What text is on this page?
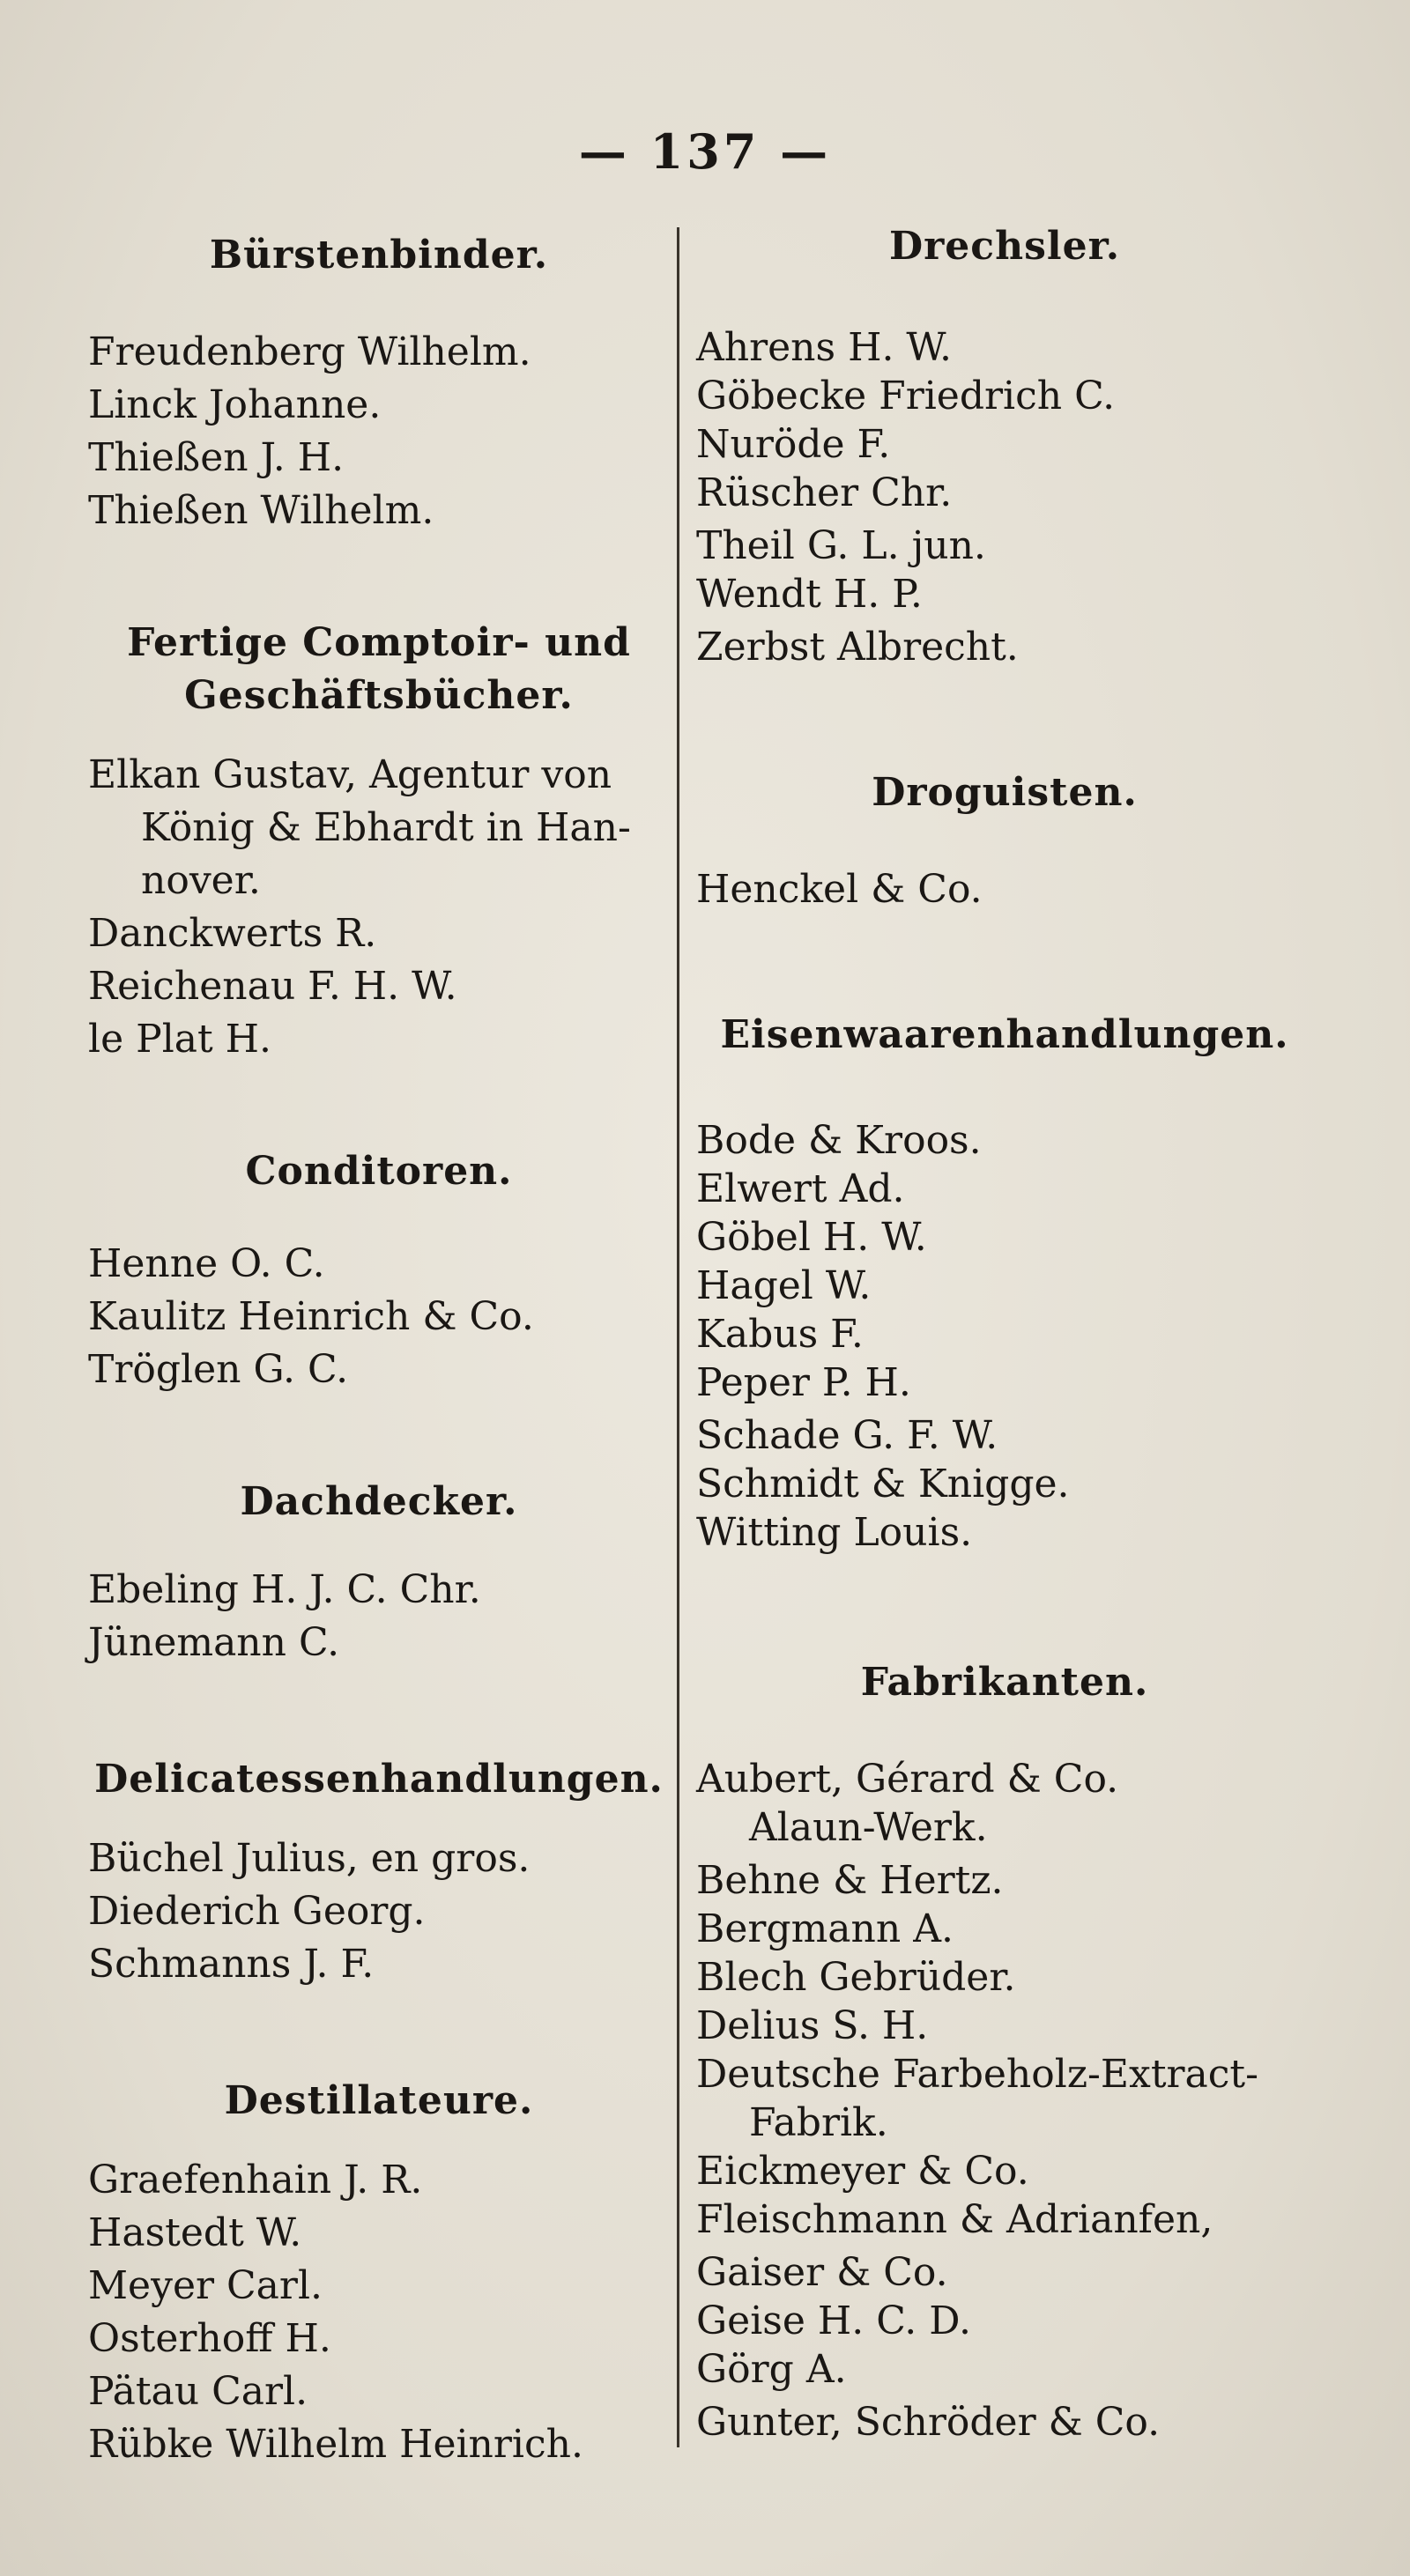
— 137 —
Bürstenbinder.
Freudenberg Wilhelm.
Linck Johanne.
Thießen J. H.
Thießen Wilhelm.
Fertige Comptoir- und Geschäftsbücher.
Elkan Gustav, Agentur von
König & Ebhardt in Han-
nover.
Danckwerts R.
Reichenau F. H. W.
le Plat H.
Conditoren.
Henne O. C.
Kaulitz Heinrich & Co.
Tröglen G. C.
Dachdecker.
Ebeling H. J. C. Chr.
Jünemann C.
Delicatessenhandlungen.
Büchel Julius, en gros.
Diederich Georg.
Schmanns J. F.
Destillateure.
Graefenhain J. R.
Hastedt W.
Meyer Carl.
Osterhoff H.
Pätau Carl.
Rübke Wilhelm Heinrich.
Drechsler.
Ahrens H. W.
Göbecke Friedrich C.
Nuröde F.
Rüscher Chr.
Theil G. L. jun.
Wendt H. P.
Zerbst Albrecht.
Droguisten.
Henckel & Co.
Eisenwaarenhandlungen.
Bode & Kroos.
Elwert Ad.
Göbel H. W.
Hagel W.
Kabus F.
Peper P. H.
Schade G. F. W.
Schmidt & Knigge.
Witting Louis.
Fabrikanten.
Aubert, Gérard & Co.
Alaun-Werk.
Behne & Hertz.
Bergmann A.
Blech Gebrüder.
Delius S. H.
Deutsche Farbeholz-Extract-
Fabrik.
Eickmeyer & Co.
Fleischmann & Adrianfen,
Gaiser & Co.
Geise H. C. D.
Görg A.
Gunter, Schröder & Co.
